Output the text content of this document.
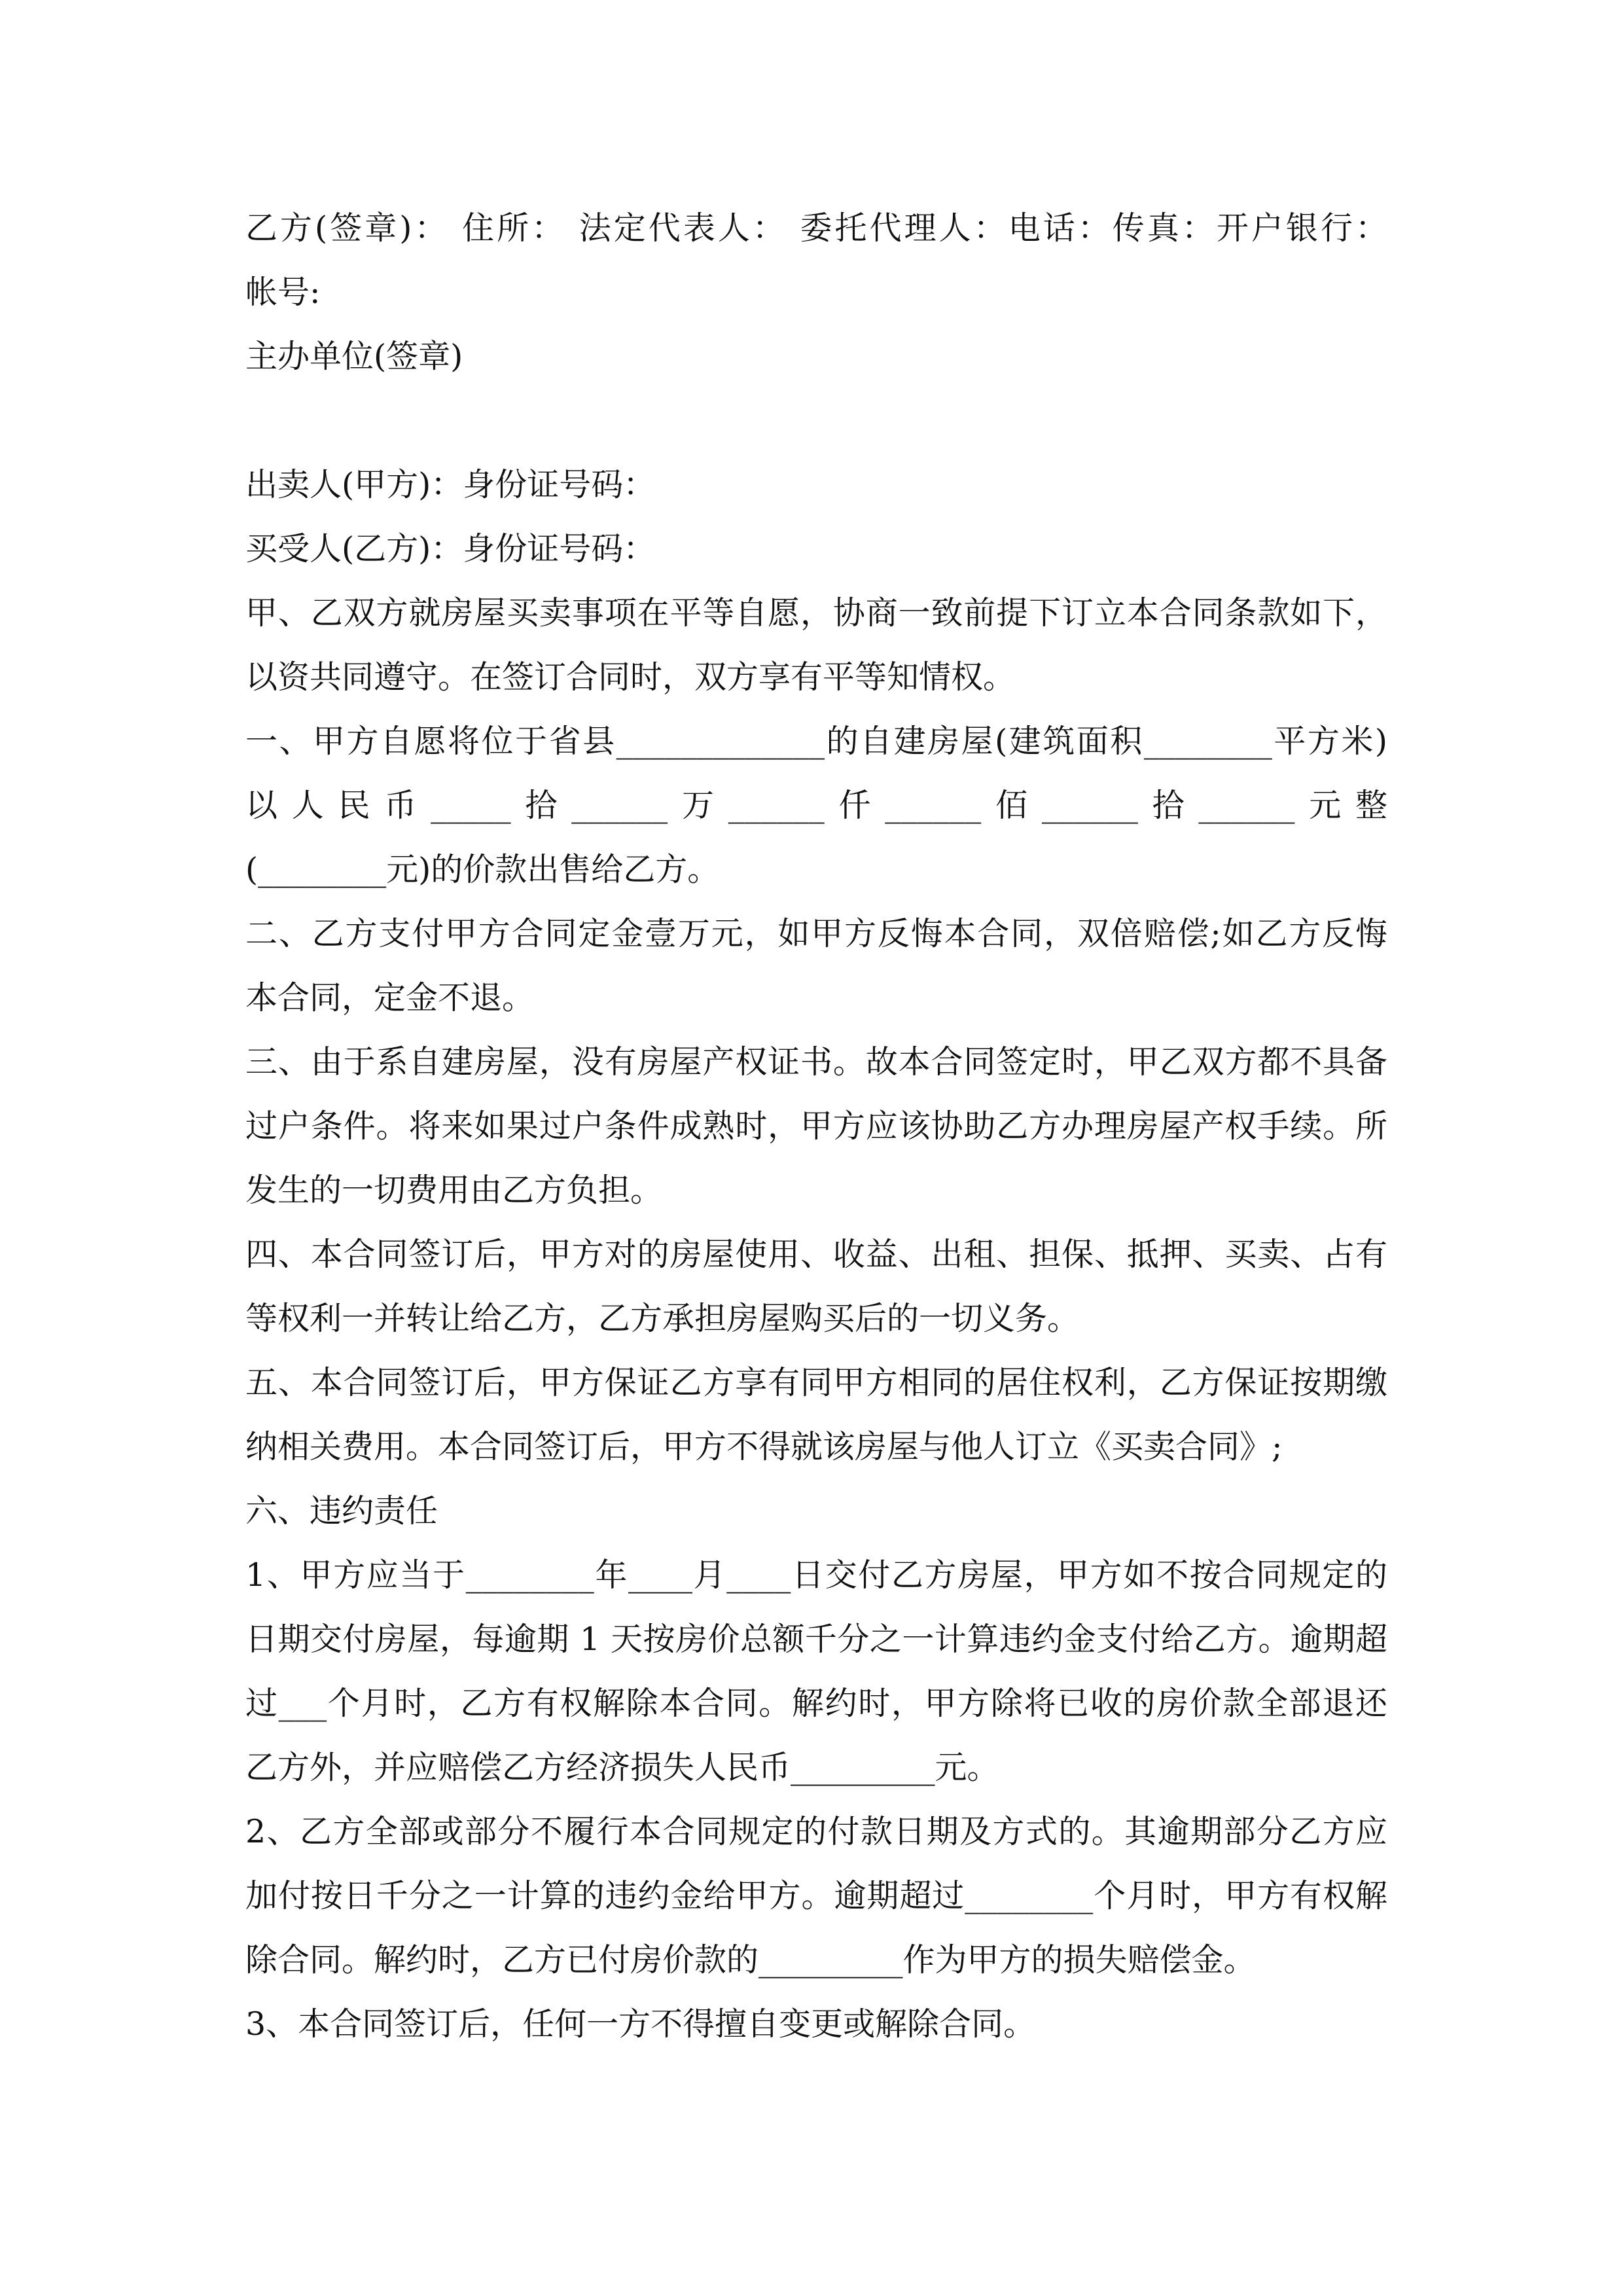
乙方(签章)： 住所： 法定代表人： 委托代理人：电话：传真：开户银行：
帐号:
主办单位(签章)
出卖人(甲方)：身份证号码：
买受人(乙方)：身份证号码：
甲、乙双方就房屋买卖事项在平等自愿，协商一致前提下订立本合同条款如下，
以资共同遵守。在签订合同时，双方享有平等知情权。
一、甲方自愿将位于省县_____________的自建房屋(建筑面积________平方米)
以人民币_____拾______万______仟______佰______拾______元整
(________元)的价款出售给乙方。
二、乙方支付甲方合同定金壹万元，如甲方反悔本合同，双倍赔偿;如乙方反悔
本合同，定金不退。
三、由于系自建房屋，没有房屋产权证书。故本合同签定时，甲乙双方都不具备
过户条件。将来如果过户条件成熟时，甲方应该协助乙方办理房屋产权手续。所
发生的一切费用由乙方负担。
四、本合同签订后，甲方对的房屋使用、收益、出租、担保、抵押、买卖、占有
等权利一并转让给乙方，乙方承担房屋购买后的一切义务。
五、本合同签订后，甲方保证乙方享有同甲方相同的居住权利，乙方保证按期缴
纳相关费用。本合同签订后，甲方不得就该房屋与他人订立《买卖合同》;
六、违约责任
1、甲方应当于________年____月____日交付乙方房屋，甲方如不按合同规定的
日期交付房屋，每逾期 1 天按房价总额千分之一计算违约金支付给乙方。逾期超
过___个月时，乙方有权解除本合同。解约时，甲方除将已收的房价款全部退还
乙方外，并应赔偿乙方经济损失人民币_________元。
2、乙方全部或部分不履行本合同规定的付款日期及方式的。其逾期部分乙方应
加付按日千分之一计算的违约金给甲方。逾期超过________个月时，甲方有权解
除合同。解约时，乙方已付房价款的_________作为甲方的损失赔偿金。
3、本合同签订后，任何一方不得擅自变更或解除合同。
